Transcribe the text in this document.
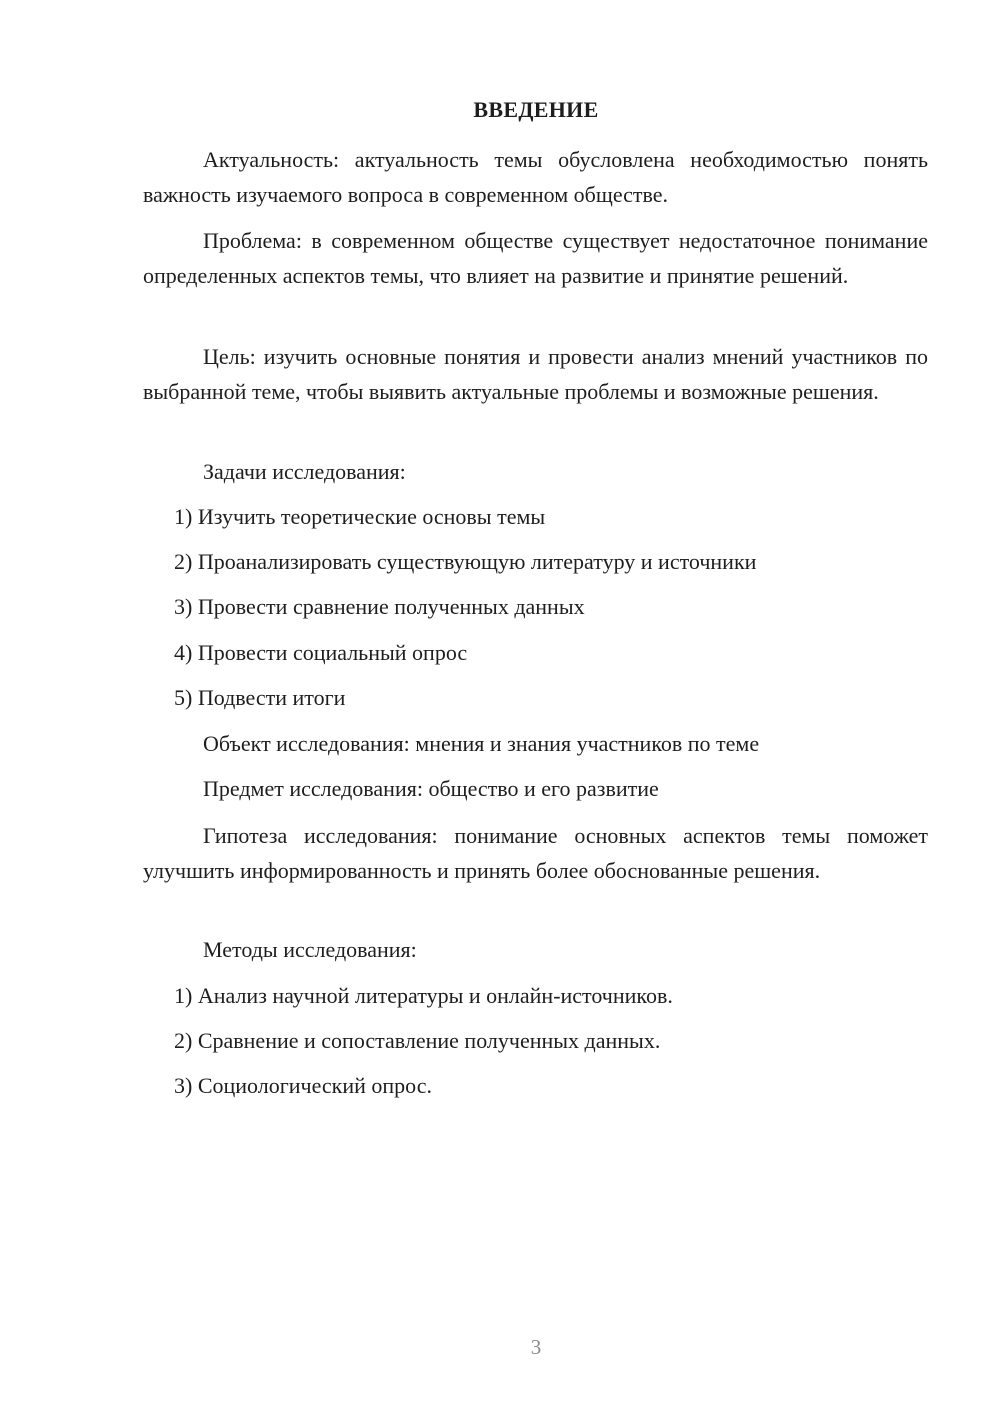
ВВЕДЕНИЕ
Актуальность: актуальность темы обусловлена необходимостью понять важность изучаемого вопроса в современном обществе.
Проблема: в современном обществе существует недостаточное понимание определенных аспектов темы, что влияет на развитие и принятие решений.
Цель: изучить основные понятия и провести анализ мнений участников по выбранной теме, чтобы выявить актуальные проблемы и возможные решения.
Задачи исследования:
1) Изучить теоретические основы темы
2) Проанализировать существующую литературу и источники
3) Провести сравнение полученных данных
4) Провести социальный опрос
5) Подвести итоги
Объект исследования: мнения и знания участников по теме
Предмет исследования: общество и его развитие
Гипотеза исследования: понимание основных аспектов темы поможет улучшить информированность и принять более обоснованные решения.
Методы исследования:
1) Анализ научной литературы и онлайн-источников.
2) Сравнение и сопоставление полученных данных.
3) Социологический опрос.
3
